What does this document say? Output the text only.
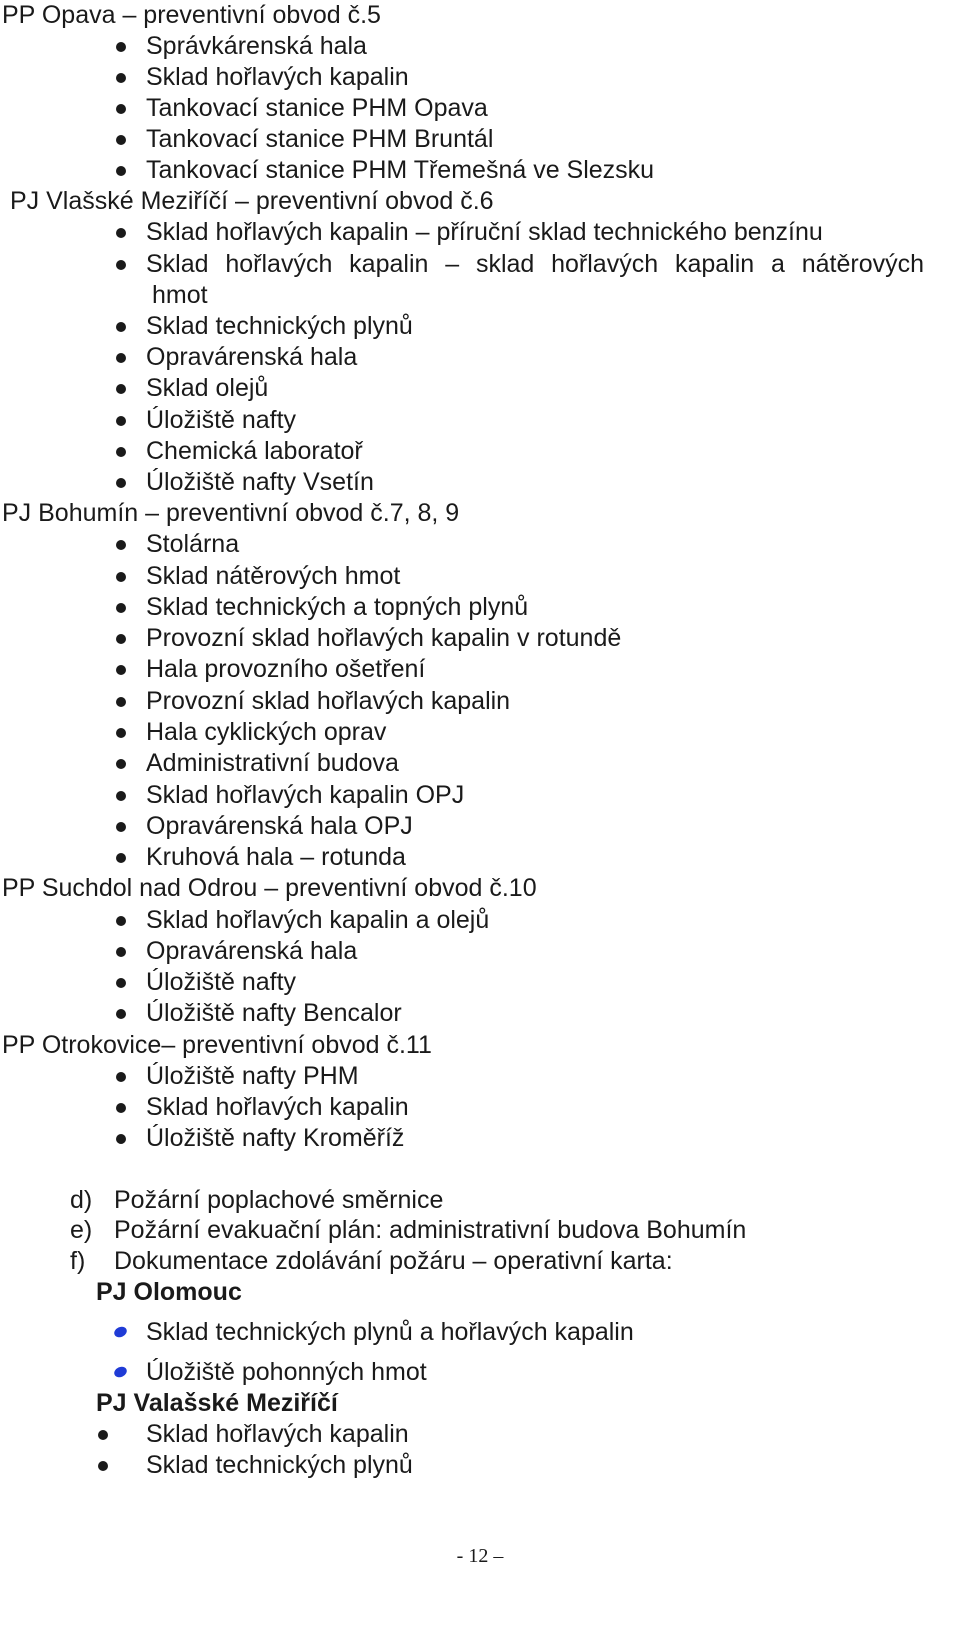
PP Opava – preventivní obvod č.5
Správkárenská hala
Sklad hořlavých kapalin
Tankovací stanice PHM Opava
Tankovací stanice PHM Bruntál
Tankovací stanice PHM Třemešná ve Slezsku
PJ Vlašské Meziříčí – preventivní obvod č.6
Sklad hořlavých kapalin – příruční sklad technického benzínu
Sklad hořlavých kapalin – sklad hořlavých kapalin a nátěrových
hmot
Sklad technických plynů
Opravárenská hala
Sklad olejů
Úložiště nafty
Chemická laboratoř
Úložiště nafty Vsetín
PJ Bohumín – preventivní obvod č.7, 8, 9
Stolárna
Sklad nátěrových hmot
Sklad technických a topných plynů
Provozní sklad hořlavých kapalin v rotundě
Hala provozního ošetření
Provozní sklad hořlavých kapalin
Hala cyklických oprav
Administrativní budova
Sklad hořlavých kapalin OPJ
Opravárenská hala OPJ
Kruhová hala – rotunda
PP Suchdol nad Odrou – preventivní obvod č.10
Sklad hořlavých kapalin a olejů
Opravárenská hala
Úložiště nafty
Úložiště nafty Bencalor
PP Otrokovice– preventivní obvod č.11
Úložiště nafty PHM
Sklad hořlavých kapalin
Úložiště nafty Kroměříž
d) Požární poplachové směrnice
e) Požární evakuační plán: administrativní budova Bohumín
f) Dokumentace zdolávání požáru – operativní karta:
PJ Olomouc
Sklad technických plynů a hořlavých kapalin
Úložiště pohonných hmot
PJ Valašské Meziříčí
Sklad hořlavých kapalin
Sklad technických plynů
- 12 –
